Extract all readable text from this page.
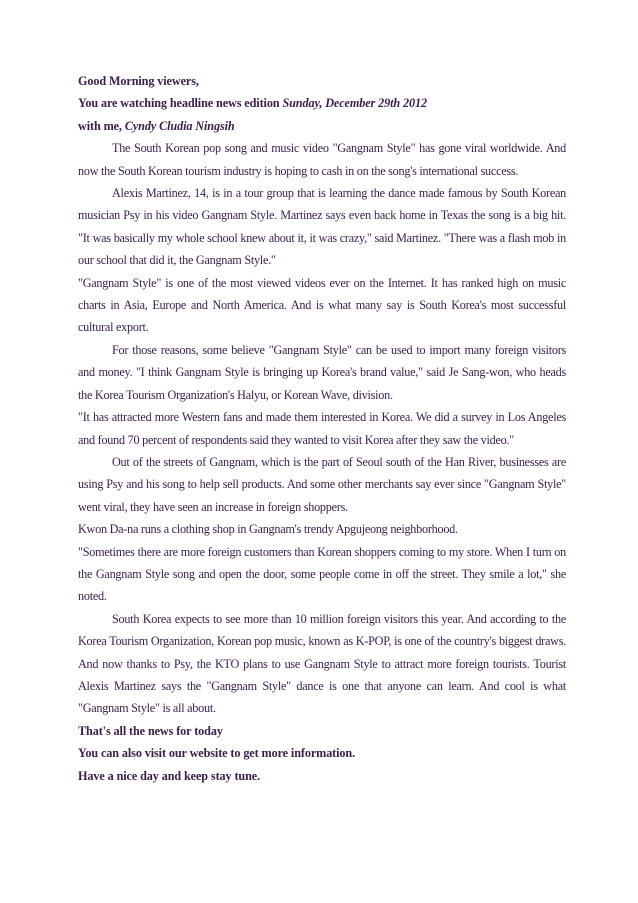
Good Morning viewers,
You are watching headline news edition Sunday, December 29th 2012
with me, Cyndy Cludia Ningsih

The South Korean pop song and music video "Gangnam Style" has gone viral worldwide. And now the South Korean tourism industry is hoping to cash in on the song's international success.

Alexis Martinez, 14, is in a tour group that is learning the dance made famous by South Korean musician Psy in his video Gangnam Style. Martinez says even back home in Texas the song is a big hit. "It was basically my whole school knew about it, it was crazy," said Martinez. "There was a flash mob in our school that did it, the Gangnam Style."

"Gangnam Style" is one of the most viewed videos ever on the Internet. It has ranked high on music charts in Asia, Europe and North America. And is what many say is South Korea's most successful cultural export.

For those reasons, some believe "Gangnam Style" can be used to import many foreign visitors and money. "I think Gangnam Style is bringing up Korea's brand value," said Je Sang-won, who heads the Korea Tourism Organization's Halyu, or Korean Wave, division.

"It has attracted more Western fans and made them interested in Korea. We did a survey in Los Angeles and found 70 percent of respondents said they wanted to visit Korea after they saw the video."

Out of the streets of Gangnam, which is the part of Seoul south of the Han River, businesses are using Psy and his song to help sell products. And some other merchants say ever since "Gangnam Style" went viral, they have seen an increase in foreign shoppers.

Kwon Da-na runs a clothing shop in Gangnam's trendy Apgujeong neighborhood.

"Sometimes there are more foreign customers than Korean shoppers coming to my store. When I turn on the Gangnam Style song and open the door, some people come in off the street. They smile a lot," she noted.

South Korea expects to see more than 10 million foreign visitors this year. And according to the Korea Tourism Organization, Korean pop music, known as K-POP, is one of the country's biggest draws. And now thanks to Psy, the KTO plans to use Gangnam Style to attract more foreign tourists. Tourist Alexis Martinez says the "Gangnam Style" dance is one that anyone can learn. And cool is what "Gangnam Style" is all about.

That's all the news for today
You can also visit our website to get more information.
Have a nice day and keep stay tune.
